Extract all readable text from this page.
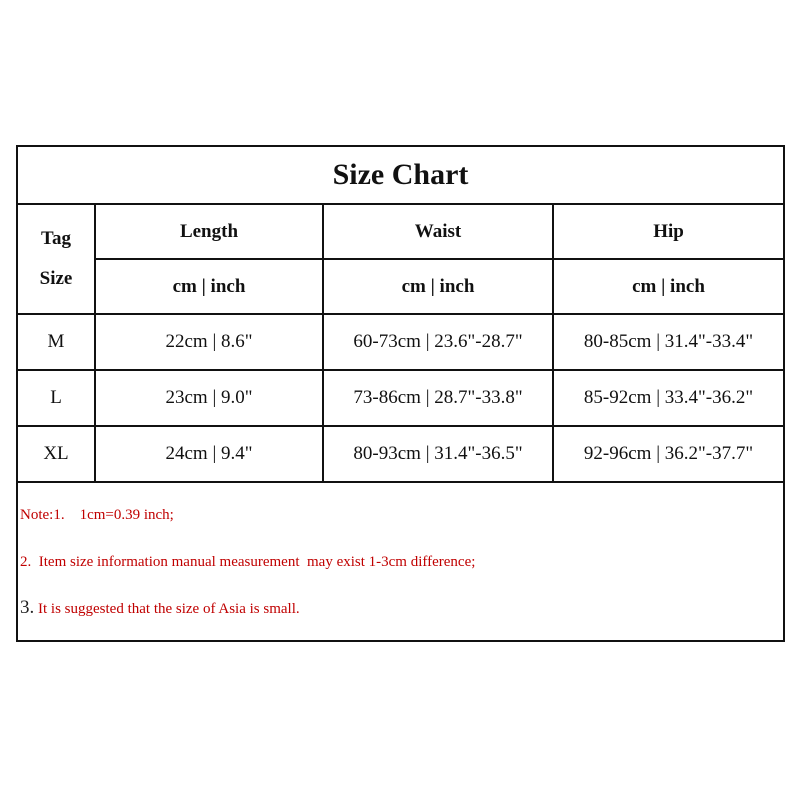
Size Chart			
Tag
Size	Length	Waist	Hip
	cm | inch	cm | inch	cm | inch
M	22cm | 8.6"	60-73cm | 23.6"-28.7"	80-85cm | 31.4"-33.4"
L	23cm | 9.0"	73-86cm | 28.7"-33.8"	85-92cm | 33.4"-36.2"
XL	24cm | 9.4"	80-93cm | 31.4"-36.5"	92-96cm | 36.2"-37.7"

Note:1.    1cm=0.39 inch;
2.  Item size information manual measurement  may exist 1-3cm difference;
3. It is suggested that the size of Asia is small.			
